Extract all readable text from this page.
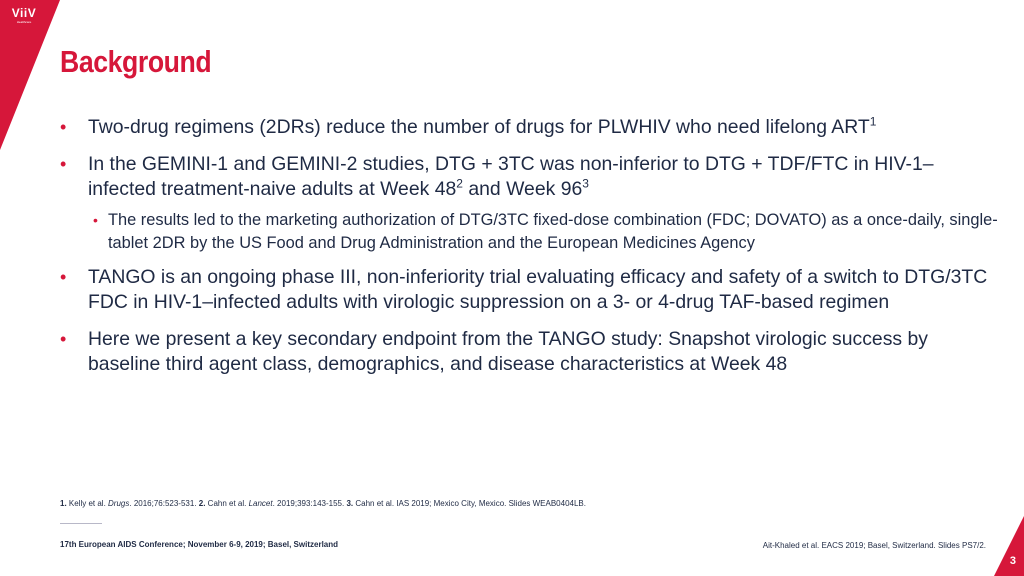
ViiV
Healthcare
Background
• Two-drug regimens (2DRs) reduce the number of drugs for PLWHIV who need lifelong ART$^1$
• In the GEMINI-1 and GEMINI-2 studies, DTG + 3TC was non-inferior to DTG + TDF/FTC in HIV-1–infected treatment-naive adults at Week $48^2$ and Week $96^3$
• The results led to the marketing authorization of DTG/3TC fixed-dose combination (FDC; DOVATO) as a once-daily, single-tablet 2DR by the US Food and Drug Administration and the European Medicines Agency
• TANGO is an ongoing phase III, non-inferiority trial evaluating efficacy and safety of a switch to DTG/3TC FDC in HIV-1–infected adults with virologic suppression on a 3- or 4-drug TAF-based regimen
• Here we present a key secondary endpoint from the TANGO study: Snapshot virologic success by baseline third agent class, demographics, and disease characteristics at Week 48
1. Kelly et al. Drugs. 2016;76:523-531. 2. Cahn et al. Lancet. 2019;393:143-155. 3. Cahn et al. IAS 2019; Mexico City, Mexico. Slides WEAB0404LB.
17th European AIDS Conference; November 6-9, 2019; Basel, Switzerland	Ait-Khaled et al. EACS 2019; Basel, Switzerland. Slides PS7/2.
3
